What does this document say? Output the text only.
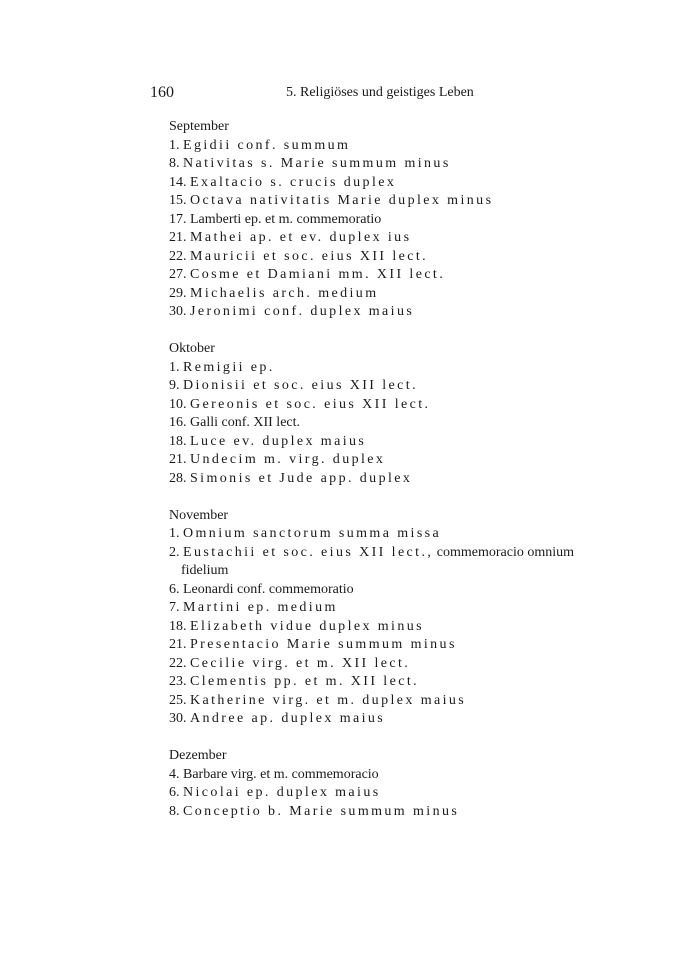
160	5. Religiöses und geistiges Leben
September
1. Egidii conf. summum
8. Nativitas s. Marie summum minus
14. Exaltacio s. crucis duplex
15. Octava nativitatis Marie duplex minus
17. Lamberti ep. et m. commemoratio
21. Mathei ap. et ev. duplex ius
22. Mauricii et soc. eius XII lect.
27. Cosme et Damiani mm. XII lect.
29. Michaelis arch. medium
30. Jeronimi conf. duplex maius
Oktober
1. Remigii ep.
9. Dionisii et soc. eius XII lect.
10. Gereonis et soc. eius XII lect.
16. Galli conf. XII lect.
18. Luce ev. duplex maius
21. Undecim m. virg. duplex
28. Simonis et Jude app. duplex
November
1. Omnium sanctorum summa missa
2. Eustachii et soc. eius XII lect., commemoracio omnium fidelium
6. Leonardi conf. commemoratio
7. Martini ep. medium
18. Elizabeth vidue duplex minus
21. Presentacio Marie summum minus
22. Cecilie virg. et m. XII lect.
23. Clementis pp. et m. XII lect.
25. Katherine virg. et m. duplex maius
30. Andree ap. duplex maius
Dezember
4. Barbare virg. et m. commemoracio
6. Nicolai ep. duplex maius
8. Conceptio b. Marie summum minus
